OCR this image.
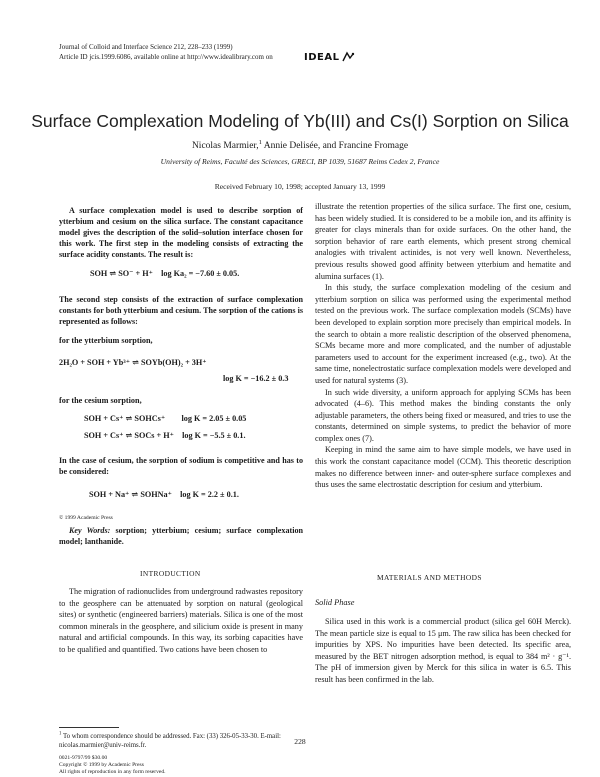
Journal of Colloid and Interface Science 212, 228–233 (1999)
Article ID jcis.1999.6086, available online at http://www.idealibrary.com on	IDEAL
Surface Complexation Modeling of Yb(III) and Cs(I) Sorption on Silica
Nicolas Marmier,$^1$ Annie Delisée, and Francine Fromage
University of Reims, Faculté des Sciences, GRECI, BP 1039, 51687 Reims Cedex 2, France
Received February 10, 1998; accepted January 13, 1999
A surface complexation model is used to describe sorption of ytterbium and cesium on the silica surface. The constant capacitance model gives the description of the solid–solution interface chosen for this work. The first step in the modeling consists of extracting the surface acidity constants. The result is:
SOH ⇌ SO⁻ + H⁺    log Ka₂ = −7.60 ± 0.05.
The second step consists of the extraction of surface complexation constants for both ytterbium and cesium. The sorption of the cations is represented as follows:
for the ytterbium sorption,
2H₂O + SOH + Yb³⁺ ⇌ SOYb(OH)₂ + 3H⁺
log K = −16.2 ± 0.3
for the cesium sorption,
SOH + Cs⁺ ⇌ SOHCs⁺        log K = 2.05 ± 0.05
SOH + Cs⁺ ⇌ SOCs + H⁺    log K = −5.5 ± 0.1.
In the case of cesium, the sorption of sodium is competitive and has to be considered:
SOH + Na⁺ ⇌ SOHNa⁺    log K = 2.2 ± 0.1.
© 1999 Academic Press
Key Words: sorption; ytterbium; cesium; surface complexation model; lanthanide.

illustrate the retention properties of the silica surface. The first one, cesium, has been widely studied. It is considered to be a mobile ion, and its affinity is greater for clays minerals than for oxide surfaces. On the other hand, the sorption behavior of rare earth elements, which present strong chemical analogies with trivalent actinides, is not very well known. Nevertheless, previous results showed good affinity between ytterbium and hematite and alumina surfaces (1).

In this study, the surface complexation modeling of the cesium and ytterbium sorption on silica was performed using the experimental method tested on the previous work. The surface complexation models (SCMs) have been developed to explain sorption more precisely than empirical models. In the search to obtain a more realistic description of the observed phenomena, SCMs became more and more complicated, and the number of adjustable parameters used to account for the experiment increased (e.g., two). At the same time, nonelectrostatic surface complexation models were developed and used for natural systems (3).

In such wide diversity, a uniform approach for applying SCMs has been advocated (4–6). This method makes the binding constants the only adjustable parameters, the others being fixed or measured, and tries to use the constants, determined on simple systems, to predict the behavior of more complex ones (7).

Keeping in mind the same aim to have simple models, we have used in this work the constant capacitance model (CCM). This theoretic description makes no difference between inner- and outer-sphere surface complexes and thus uses the same electrostatic description for cesium and ytterbium.

INTRODUCTION
The migration of radionuclides from underground radwastes repository to the geosphere can be attenuated by sorption on natural (geological sites) or synthetic (engineered barriers) materials. Silica is one of the most common minerals in the geosphere, and silicium oxide is present in many natural and artificial compounds. In this way, its sorbing capacities have to be qualified and quantified. Two cations have been chosen to
MATERIALS AND METHODS
Solid Phase
Silica used in this work is a commercial product (silica gel 60H Merck). The mean particle size is equal to 15 μm. The raw silica has been checked for impurities by XPS. No impurities have been detected. Its specific area, measured by the BET nitrogen adsorption method, is equal to 384 m² · g⁻¹. The pH of immersion given by Merck for this silica in water is 6.5. This result has been confirmed in the lab.
$^1$ To whom correspondence should be addressed. Fax: (33) 326-05-33-30. E-mail: nicolas.marmier@univ-reims.fr.	228
0021-9797/99 $30.00
Copyright © 1999 by Academic Press
All rights of reproduction in any form reserved.
